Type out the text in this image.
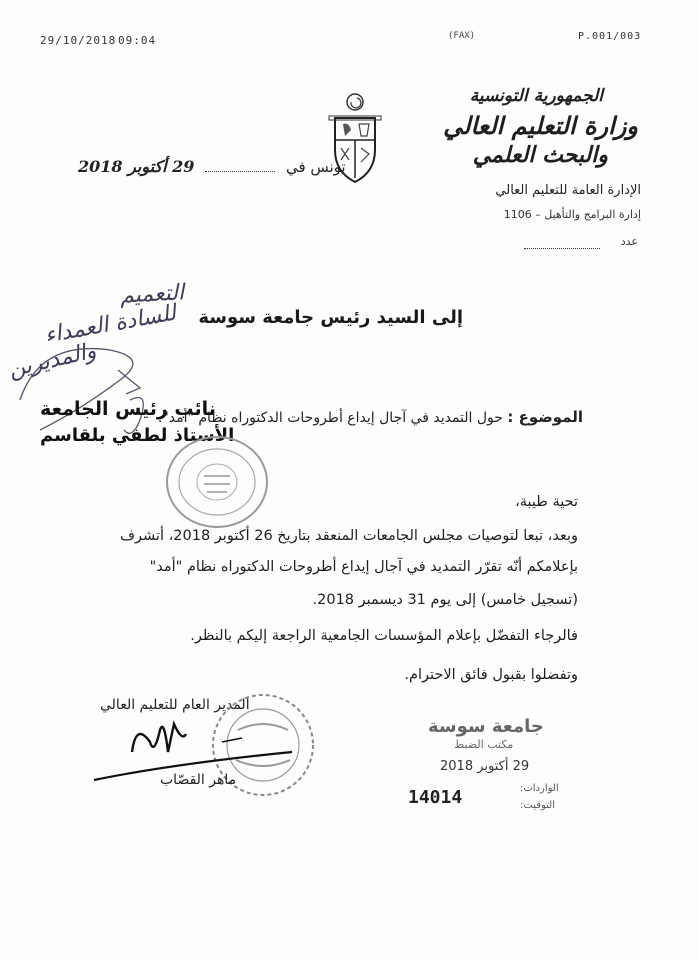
29/10/2018 09:04	(FAX)	P.001/003
الجمهورية التونسية
وزارة التعليم العالي
والبحث العلمي
الإدارة العامة للتعليم العالي
إدارة البرامج والتأهيل – 1106
عدد
تونس في  29 أكتوبر 2018
إلى السيد رئيس جامعة سوسة
التعميم
للسادة العمداء
والمديرين
نائب رئيس الجامعة
الأستاذ لطفي بلقاسم
الموضوع : حول التمديد في آجال إيداع أطروحات الدكتوراه نظام "أمد".
تحية طيبة،
وبعد، تبعا لتوصيات مجلس الجامعات المنعقد بتاريخ 26 أكتوبر 2018، أتشرف
بإعلامكم أنّه تقرّر التمديد في آجال إيداع أطروحات الدكتوراه نظام "أمد"
(تسجيل خامس) إلى يوم 31 ديسمبر 2018.
فالرجاء التفضّل بإعلام المؤسسات الجامعية الراجعة إليكم بالنظر.
وتفضلوا بقبول فائق الاحترام.
المدير العام للتعليم العالي
ماهر القصّاب
جامعة سوسة
مكتب الضبط
29 أكتوبر 2018
الواردات:
التوقيت:
14014
